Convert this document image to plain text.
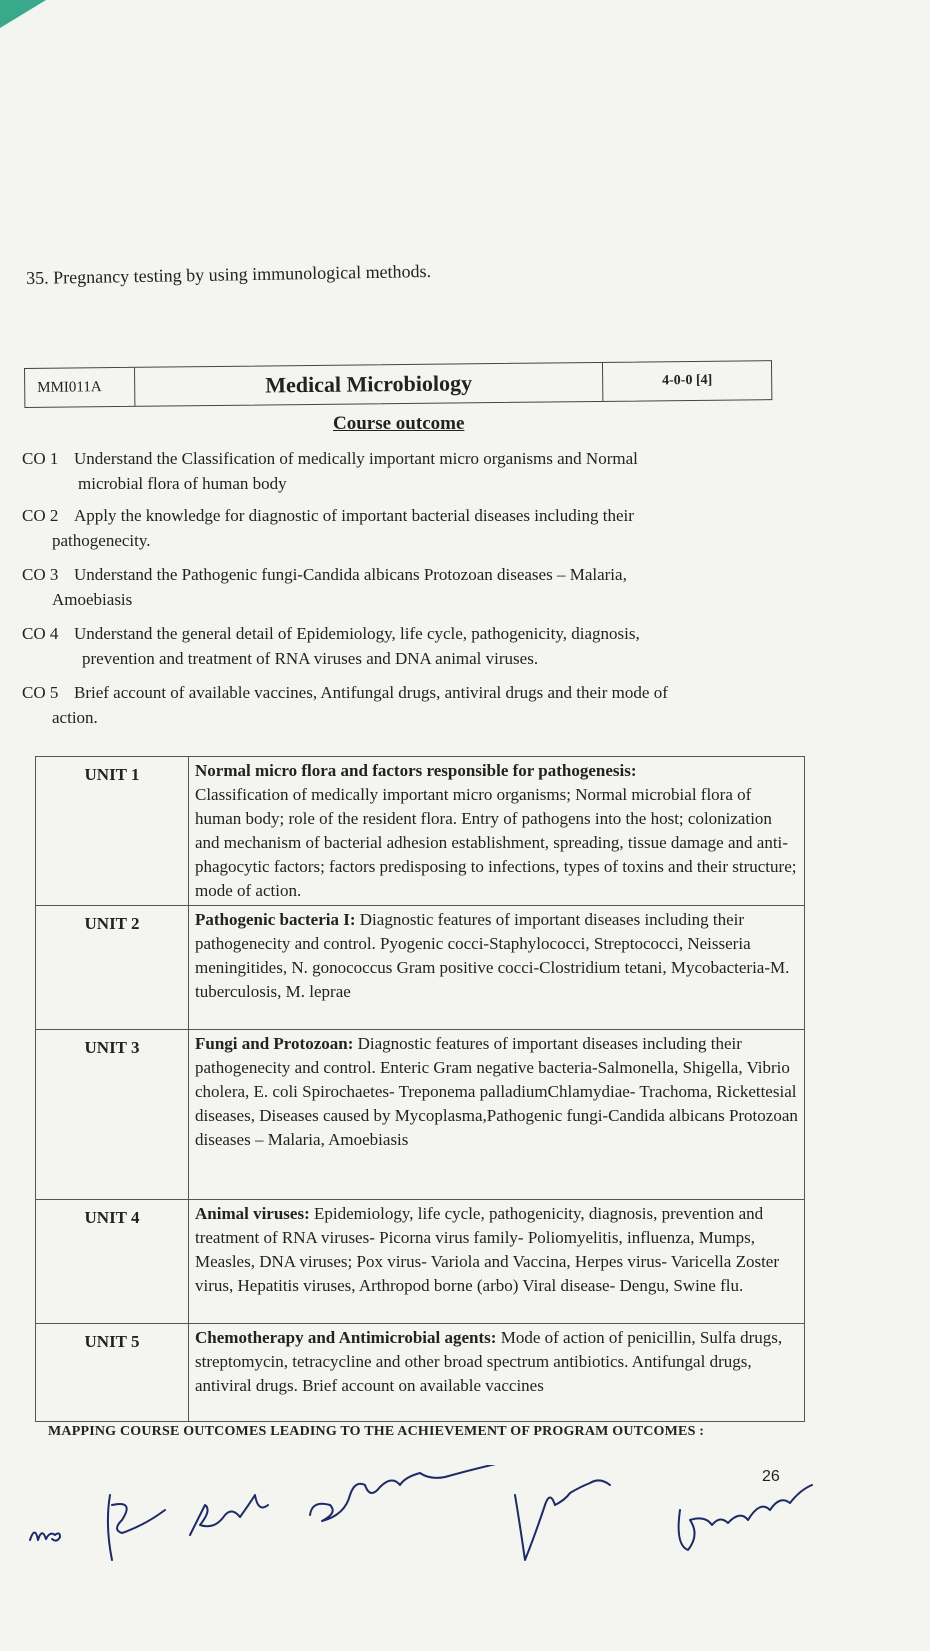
35. Pregnancy testing by using immunological methods.
MMI011A	Medical Microbiology	4-0-0 [4]
Course outcome
CO 1 Understand the Classification of medically important micro organisms and Normal
microbial flora of human body
CO 2 Apply the knowledge for diagnostic of important bacterial diseases including their
pathogenecity.
CO 3 Understand the Pathogenic fungi-Candida albicans Protozoan diseases – Malaria,
Amoebiasis
CO 4 Understand the general detail of Epidemiology, life cycle, pathogenicity, diagnosis,
prevention and treatment of RNA viruses and DNA animal viruses.
CO 5 Brief account of available vaccines, Antifungal drugs, antiviral drugs and their mode of
action.
UNIT 1	Normal micro flora and factors responsible for pathogenesis:
Classification of medically important micro organisms; Normal microbial flora of human body; role of the resident flora. Entry of pathogens into the host; colonization and mechanism of bacterial adhesion establishment, spreading, tissue damage and anti-phagocytic factors; factors predisposing to infections, types of toxins and their structure; mode of action.
UNIT 2	Pathogenic bacteria I: Diagnostic features of important diseases including their pathogenecity and control. Pyogenic cocci-Staphylococci, Streptococci, Neisseria meningitides, N. gonococcus Gram positive cocci-Clostridium tetani, Mycobacteria-M. tuberculosis, M. leprae
UNIT 3	Fungi and Protozoan: Diagnostic features of important diseases including their pathogenecity and control. Enteric Gram negative bacteria-Salmonella, Shigella, Vibrio cholera, E. coli Spirochaetes- Treponema palladiumChlamydiae- Trachoma, Rickettesial diseases, Diseases caused by Mycoplasma,Pathogenic fungi-Candida albicans Protozoan diseases – Malaria, Amoebiasis
UNIT 4	Animal viruses: Epidemiology, life cycle, pathogenicity, diagnosis, prevention and treatment of RNA viruses- Picorna virus family- Poliomyelitis, influenza, Mumps, Measles, DNA viruses; Pox virus- Variola and Vaccina, Herpes virus- Varicella Zoster virus, Hepatitis viruses, Arthropod borne (arbo) Viral disease- Dengu, Swine flu.
UNIT 5	Chemotherapy and Antimicrobial agents: Mode of action of penicillin, Sulfa drugs, streptomycin, tetracycline and other broad spectrum antibiotics. Antifungal drugs, antiviral drugs. Brief account on available vaccines
MAPPING COURSE OUTCOMES LEADING TO THE ACHIEVEMENT OF PROGRAM OUTCOMES :
26
